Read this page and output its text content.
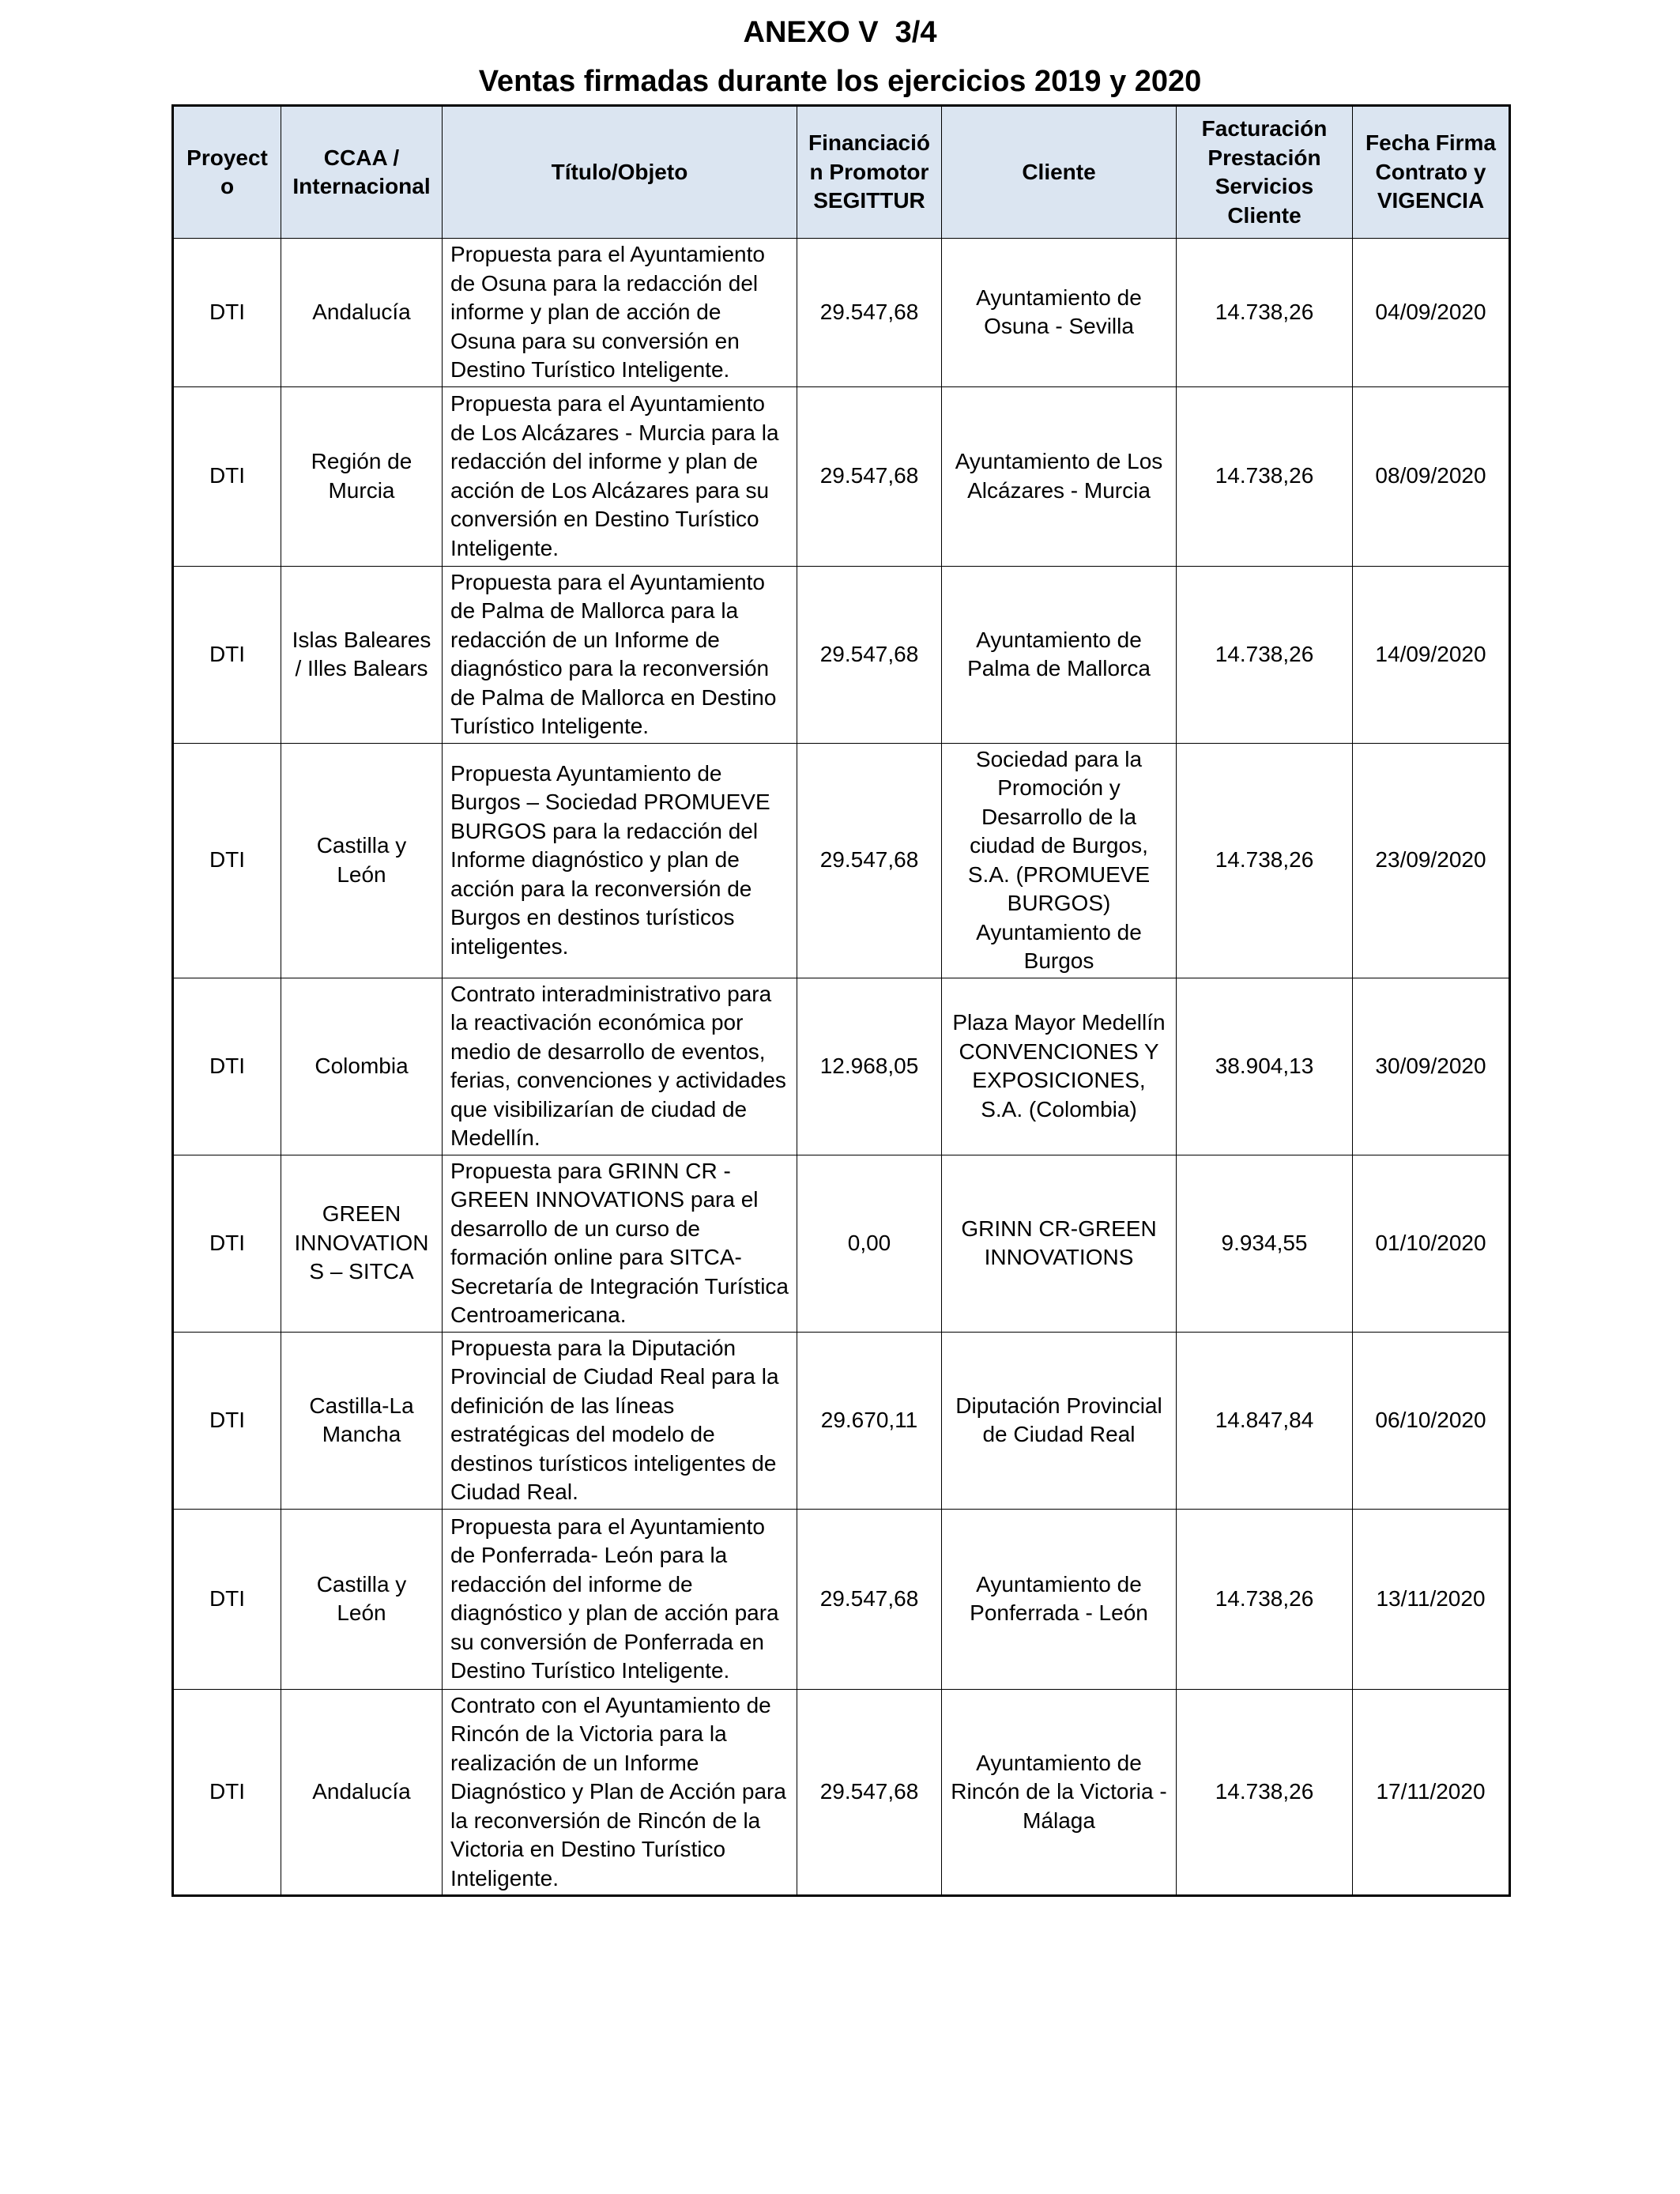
ANEXO V  3/4
Ventas firmadas durante los ejercicios 2019 y 2020
Proyecto	CCAA / Internacional	Título/Objeto	Financiación Promotor SEGITTUR	Cliente	Facturación Prestación Servicios Cliente	Fecha Firma Contrato y VIGENCIA
DTI	Andalucía	Propuesta para el Ayuntamiento de Osuna para la redacción del informe y plan de acción de Osuna para su conversión en Destino Turístico Inteligente.	29.547,68	Ayuntamiento de Osuna - Sevilla	14.738,26	04/09/2020
DTI	Región de Murcia	Propuesta para el Ayuntamiento de Los Alcázares - Murcia para la redacción del informe y plan de acción de Los Alcázares para su conversión en Destino Turístico Inteligente.	29.547,68	Ayuntamiento de Los Alcázares - Murcia	14.738,26	08/09/2020
DTI	Islas Baleares / Illes Balears	Propuesta para el Ayuntamiento de Palma de Mallorca para la redacción de un Informe de diagnóstico para la reconversión de Palma de Mallorca en Destino Turístico Inteligente.	29.547,68	Ayuntamiento de Palma de Mallorca	14.738,26	14/09/2020
DTI	Castilla y León	Propuesta Ayuntamiento de Burgos – Sociedad PROMUEVE BURGOS para la redacción del Informe diagnóstico y plan de acción para la reconversión de Burgos en destinos turísticos inteligentes.	29.547,68	Sociedad para la Promoción y Desarrollo de la ciudad de Burgos, S.A. (PROMUEVE BURGOS) Ayuntamiento de Burgos	14.738,26	23/09/2020
DTI	Colombia	Contrato interadministrativo para la reactivación económica por medio de desarrollo de eventos, ferias, convenciones y actividades que visibilizarían de ciudad de Medellín.	12.968,05	Plaza Mayor Medellín CONVENCIONES Y EXPOSICIONES, S.A. (Colombia)	38.904,13	30/09/2020
DTI	GREEN INNOVATIONS – SITCA	Propuesta para GRINN CR -GREEN INNOVATIONS para el desarrollo de un curso de formación online para SITCA- Secretaría de Integración Turística Centroamericana.	0,00	GRINN CR-GREEN INNOVATIONS	9.934,55	01/10/2020
DTI	Castilla-La Mancha	Propuesta para la Diputación Provincial de Ciudad Real para la definición de las líneas estratégicas del modelo de destinos turísticos inteligentes de Ciudad Real.	29.670,11	Diputación Provincial de Ciudad Real	14.847,84	06/10/2020
DTI	Castilla y León	Propuesta para el Ayuntamiento de Ponferrada- León para la redacción del informe de diagnóstico y plan de acción para su conversión de Ponferrada en Destino Turístico Inteligente.	29.547,68	Ayuntamiento de Ponferrada - León	14.738,26	13/11/2020
DTI	Andalucía	Contrato con el Ayuntamiento de Rincón de la Victoria para la realización de un Informe Diagnóstico y Plan de Acción para la reconversión de Rincón de la Victoria en Destino Turístico Inteligente.	29.547,68	Ayuntamiento de Rincón de la Victoria - Málaga	14.738,26	17/11/2020
